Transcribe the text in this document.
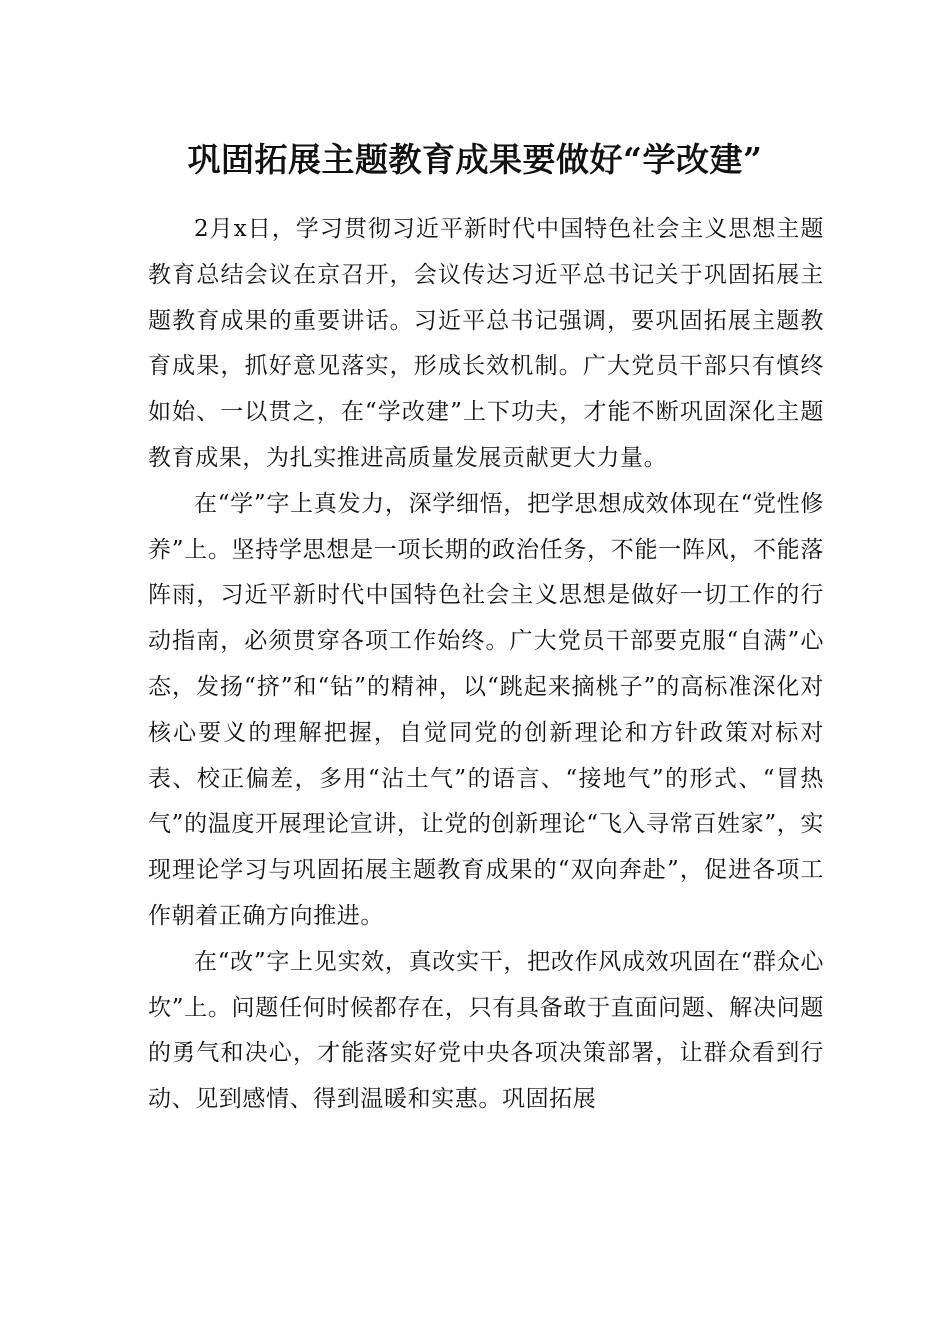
巩固拓展主题教育成果要做好“学改建”

2月x日，学习贯彻习近平新时代中国特色社会主义思想主题教育总结会议在京召开，会议传达习近平总书记关于巩固拓展主题教育成果的重要讲话。习近平总书记强调，要巩固拓展主题教育成果，抓好意见落实，形成长效机制。广大党员干部只有慎终如始、一以贯之，在“学改建”上下功夫，才能不断巩固深化主题教育成果，为扎实推进高质量发展贡献更大力量。

在“学”字上真发力，深学细悟，把学思想成效体现在“党性修养”上。坚持学思想是一项长期的政治任务，不能一阵风，不能落阵雨，习近平新时代中国特色社会主义思想是做好一切工作的行动指南，必须贯穿各项工作始终。广大党员干部要克服“自满”心态，发扬“挤”和“钻”的精神，以“跳起来摘桃子”的高标准深化对核心要义的理解把握，自觉同党的创新理论和方针政策对标对表、校正偏差，多用“沾土气”的语言、“接地气”的形式、“冒热气”的温度开展理论宣讲，让党的创新理论“飞入寻常百姓家”，实现理论学习与巩固拓展主题教育成果的“双向奔赴”，促进各项工作朝着正确方向推进。

在“改”字上见实效，真改实干，把改作风成效巩固在“群众心坎”上。问题任何时候都存在，只有具备敢于直面问题、解决问题的勇气和决心，才能落实好党中央各项决策部署，让群众看到行动、见到感情、得到温暖和实惠。巩固拓展
